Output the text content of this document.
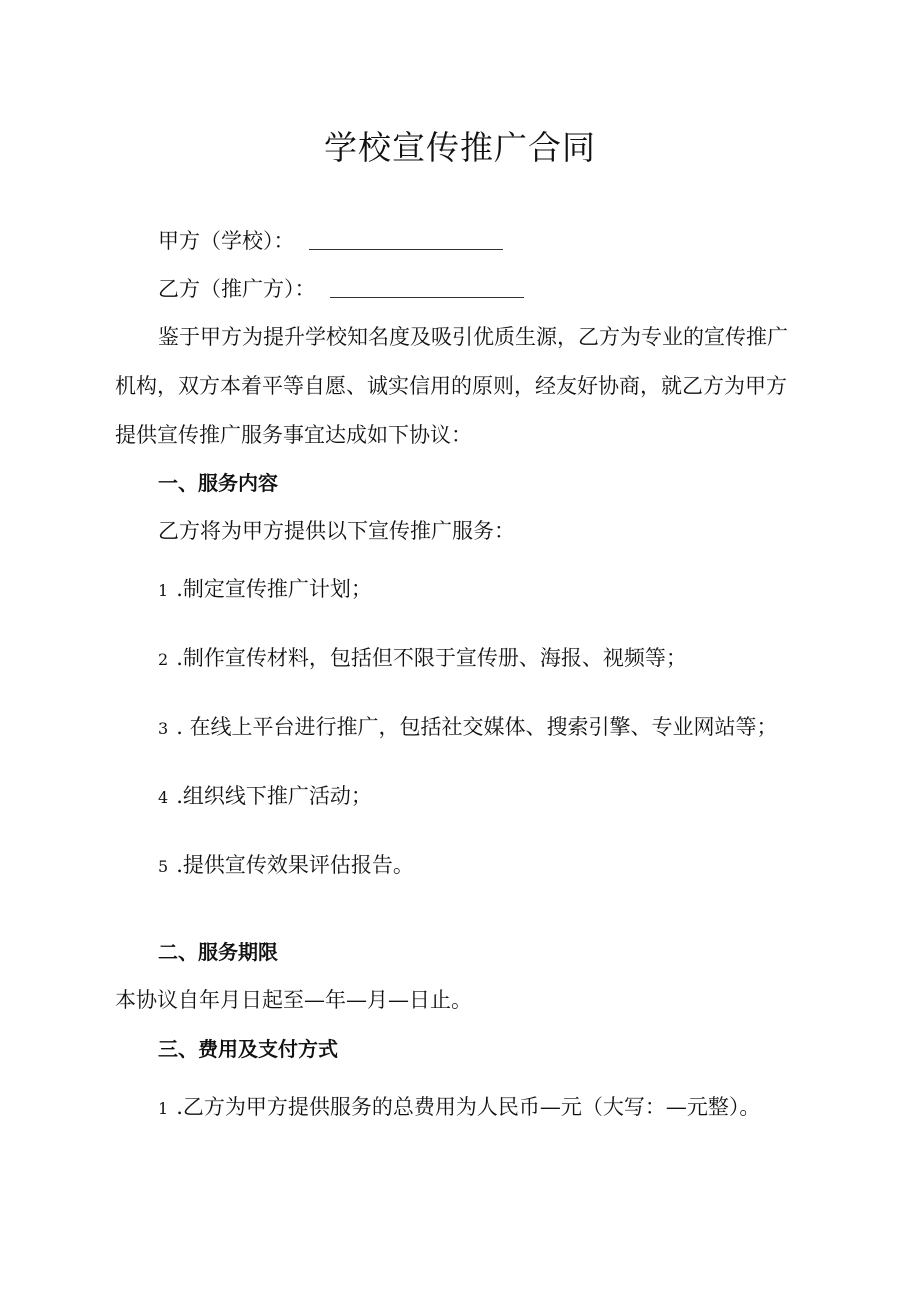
学校宣传推广合同
甲方（学校）：
乙方（推广方）：
鉴于甲方为提升学校知名度及吸引优质生源，乙方为专业的宣传推广
机构，双方本着平等自愿、诚实信用的原则，经友好协商，就乙方为甲方
提供宣传推广服务事宜达成如下协议：
一、服务内容
乙方将为甲方提供以下宣传推广服务：
1 .制定宣传推广计划；
2 .制作宣传材料，包括但不限于宣传册、海报、视频等；
3 . 在线上平台进行推广，包括社交媒体、搜索引擎、专业网站等；
4 .组织线下推广活动；
5 .提供宣传效果评估报告。
二、服务期限
本协议自年月日起至—年—月—日止。
三、费用及支付方式
1 .乙方为甲方提供服务的总费用为人民币—元（大写：—元整）。
